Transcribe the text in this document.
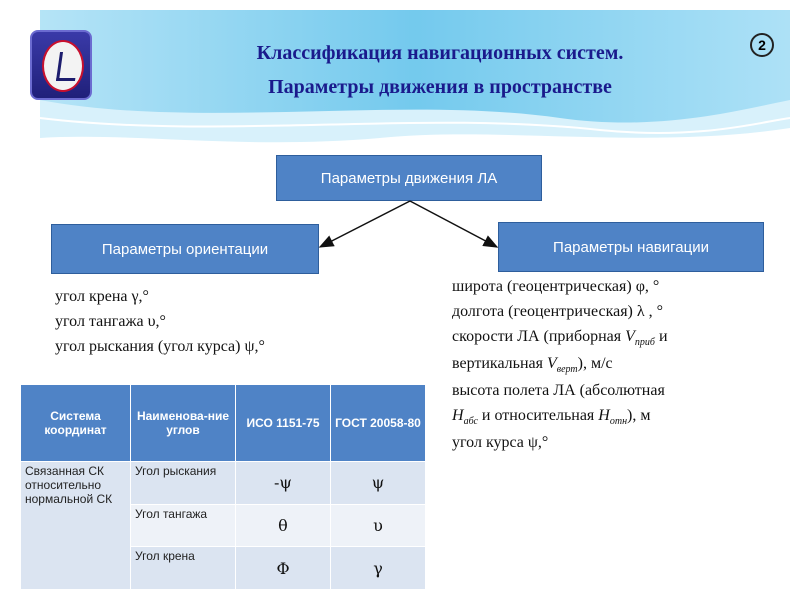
Классификация навигационных систем.
Параметры движения в пространстве
2
Параметры движения ЛА
Параметры ориентации	Параметры навигации
угол крена γ,°
угол тангажа υ,°
угол рыскания (угол курса) ψ,°
широта (геоцентрическая) φ, °
долгота (геоцентрическая) λ , °
скорости ЛА (приборная $V_{приб}$ и
вертикальная $V_{верт}$), м/с
высота полета ЛА (абсолютная
$H_{абс}$ и относительная $H_{отн}$), м
угол курса ψ,°
Система координат	Наименова-ние углов	ИСО 1151-75	ГОСТ 20058-80
Связанная СК относительно нормальной СК	Угол рыскания	-ψ	ψ
	Угол тангажа	θ	υ
	Угол крена	Φ	γ
